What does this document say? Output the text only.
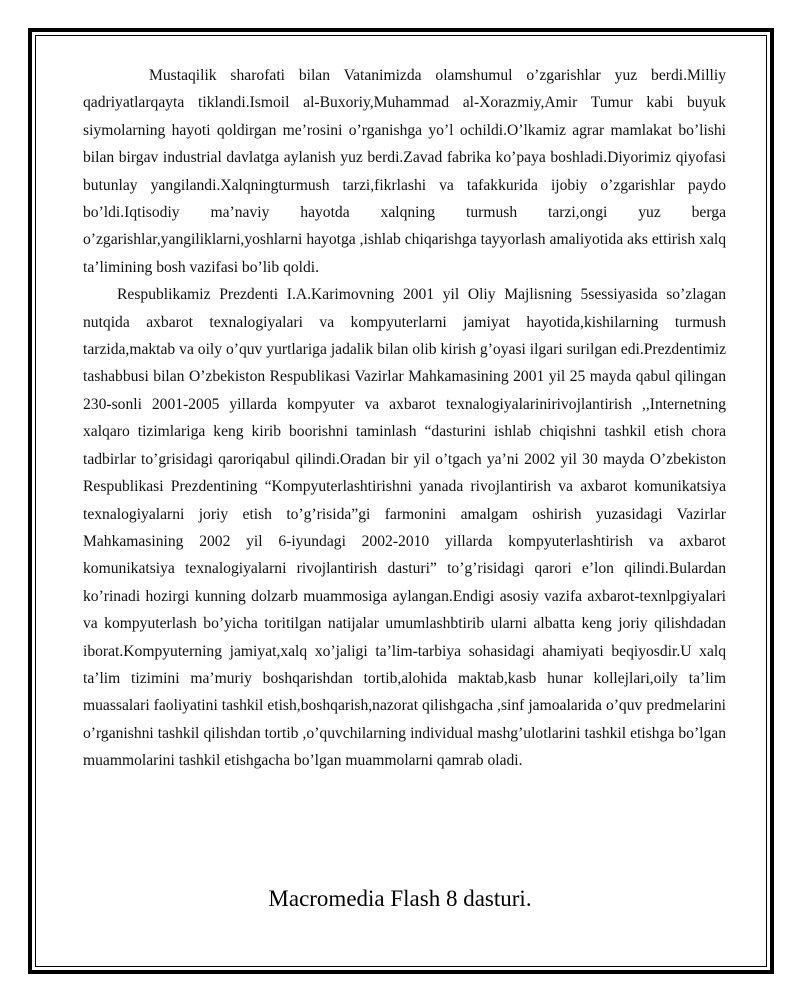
Mustaqilik sharofati bilan Vatanimizda olamshumul o’zgarishlar yuz berdi.Milliy qadriyatlarqayta tiklandi.Ismoil al-Buxoriy,Muhammad al-Xorazmiy,Amir Tumur kabi buyuk siymolarning hayoti qoldirgan me’rosini o’rganishga yo’l ochildi.O’lkamiz agrar mamlakat bo’lishi bilan birgav industrial davlatga aylanish yuz berdi.Zavad fabrika ko’paya boshladi.Diyorimiz qiyofasi butunlay yangilandi.Xalqningturmush tarzi,fikrlashi va tafakkurida ijobiy o’zgarishlar paydo bo’ldi.Iqtisodiy ma’naviy hayotda xalqning turmush tarzi,ongi yuz berga o’zgarishlar,yangiliklarni,yoshlarni hayotga ,ishlab chiqarishga tayyorlash amaliyotida aks ettirish xalq ta’limining bosh vazifasi bo’lib qoldi.

Respublikamiz Prezdenti I.A.Karimovning 2001 yil Oliy Majlisning 5sessiyasida so’zlagan nutqida axbarot texnalogiyalari va kompyuterlarni jamiyat hayotida,kishilarning turmush tarzida,maktab va oily o’quv yurtlariga jadalik bilan olib kirish g’oyasi ilgari surilgan edi.Prezdentimiz tashabbusi bilan O’zbekiston Respublikasi Vazirlar Mahkamasining 2001 yil 25 mayda qabul qilingan 230-sonli 2001-2005 yillarda kompyuter va axbarot texnalogiyalarinirivojlantirish ,,Internetning xalqaro tizimlariga keng kirib boorishni taminlash “dasturini ishlab chiqishni tashkil etish chora tadbirlar to’grisidagi qaroriqabul qilindi.Oradan bir yil o’tgach ya’ni 2002 yil 30 mayda O’zbekiston Respublikasi Prezdentining “Kompyuterlashtirishni yanada rivojlantirish va axbarot komunikatsiya texnalogiyalarni joriy etish to’g’risida”gi farmonini amalgam oshirish yuzasidagi Vazirlar Mahkamasining 2002 yil 6-iyundagi 2002-2010 yillarda kompyuterlashtirish va axbarot komunikatsiya texnalogiyalarni rivojlantirish dasturi” to’g’risidagi qarori e’lon qilindi.Bulardan ko’rinadi hozirgi kunning dolzarb muammosiga aylangan.Endigi asosiy vazifa axbarot-texnlpgiyalari va kompyuterlash bo’yicha toritilgan natijalar umumlashbtirib ularni albatta keng joriy qilishdadan iborat.Kompyuterning jamiyat,xalq xo’jaligi ta’lim-tarbiya sohasidagi ahamiyati beqiyosdir.U xalq ta’lim tizimini ma’muriy boshqarishdan tortib,alohida maktab,kasb hunar kollejlari,oily ta’lim muassalari faoliyatini tashkil etish,boshqarish,nazorat qilishgacha ,sinf jamoalarida o’quv predmelarini o’rganishni tashkil qilishdan tortib ,o’quvchilarning individual mashg’ulotlarini tashkil etishga bo’lgan muammolarini tashkil etishgacha bo’lgan muammolarni qamrab oladi.

Macromedia Flash 8 dasturi.
